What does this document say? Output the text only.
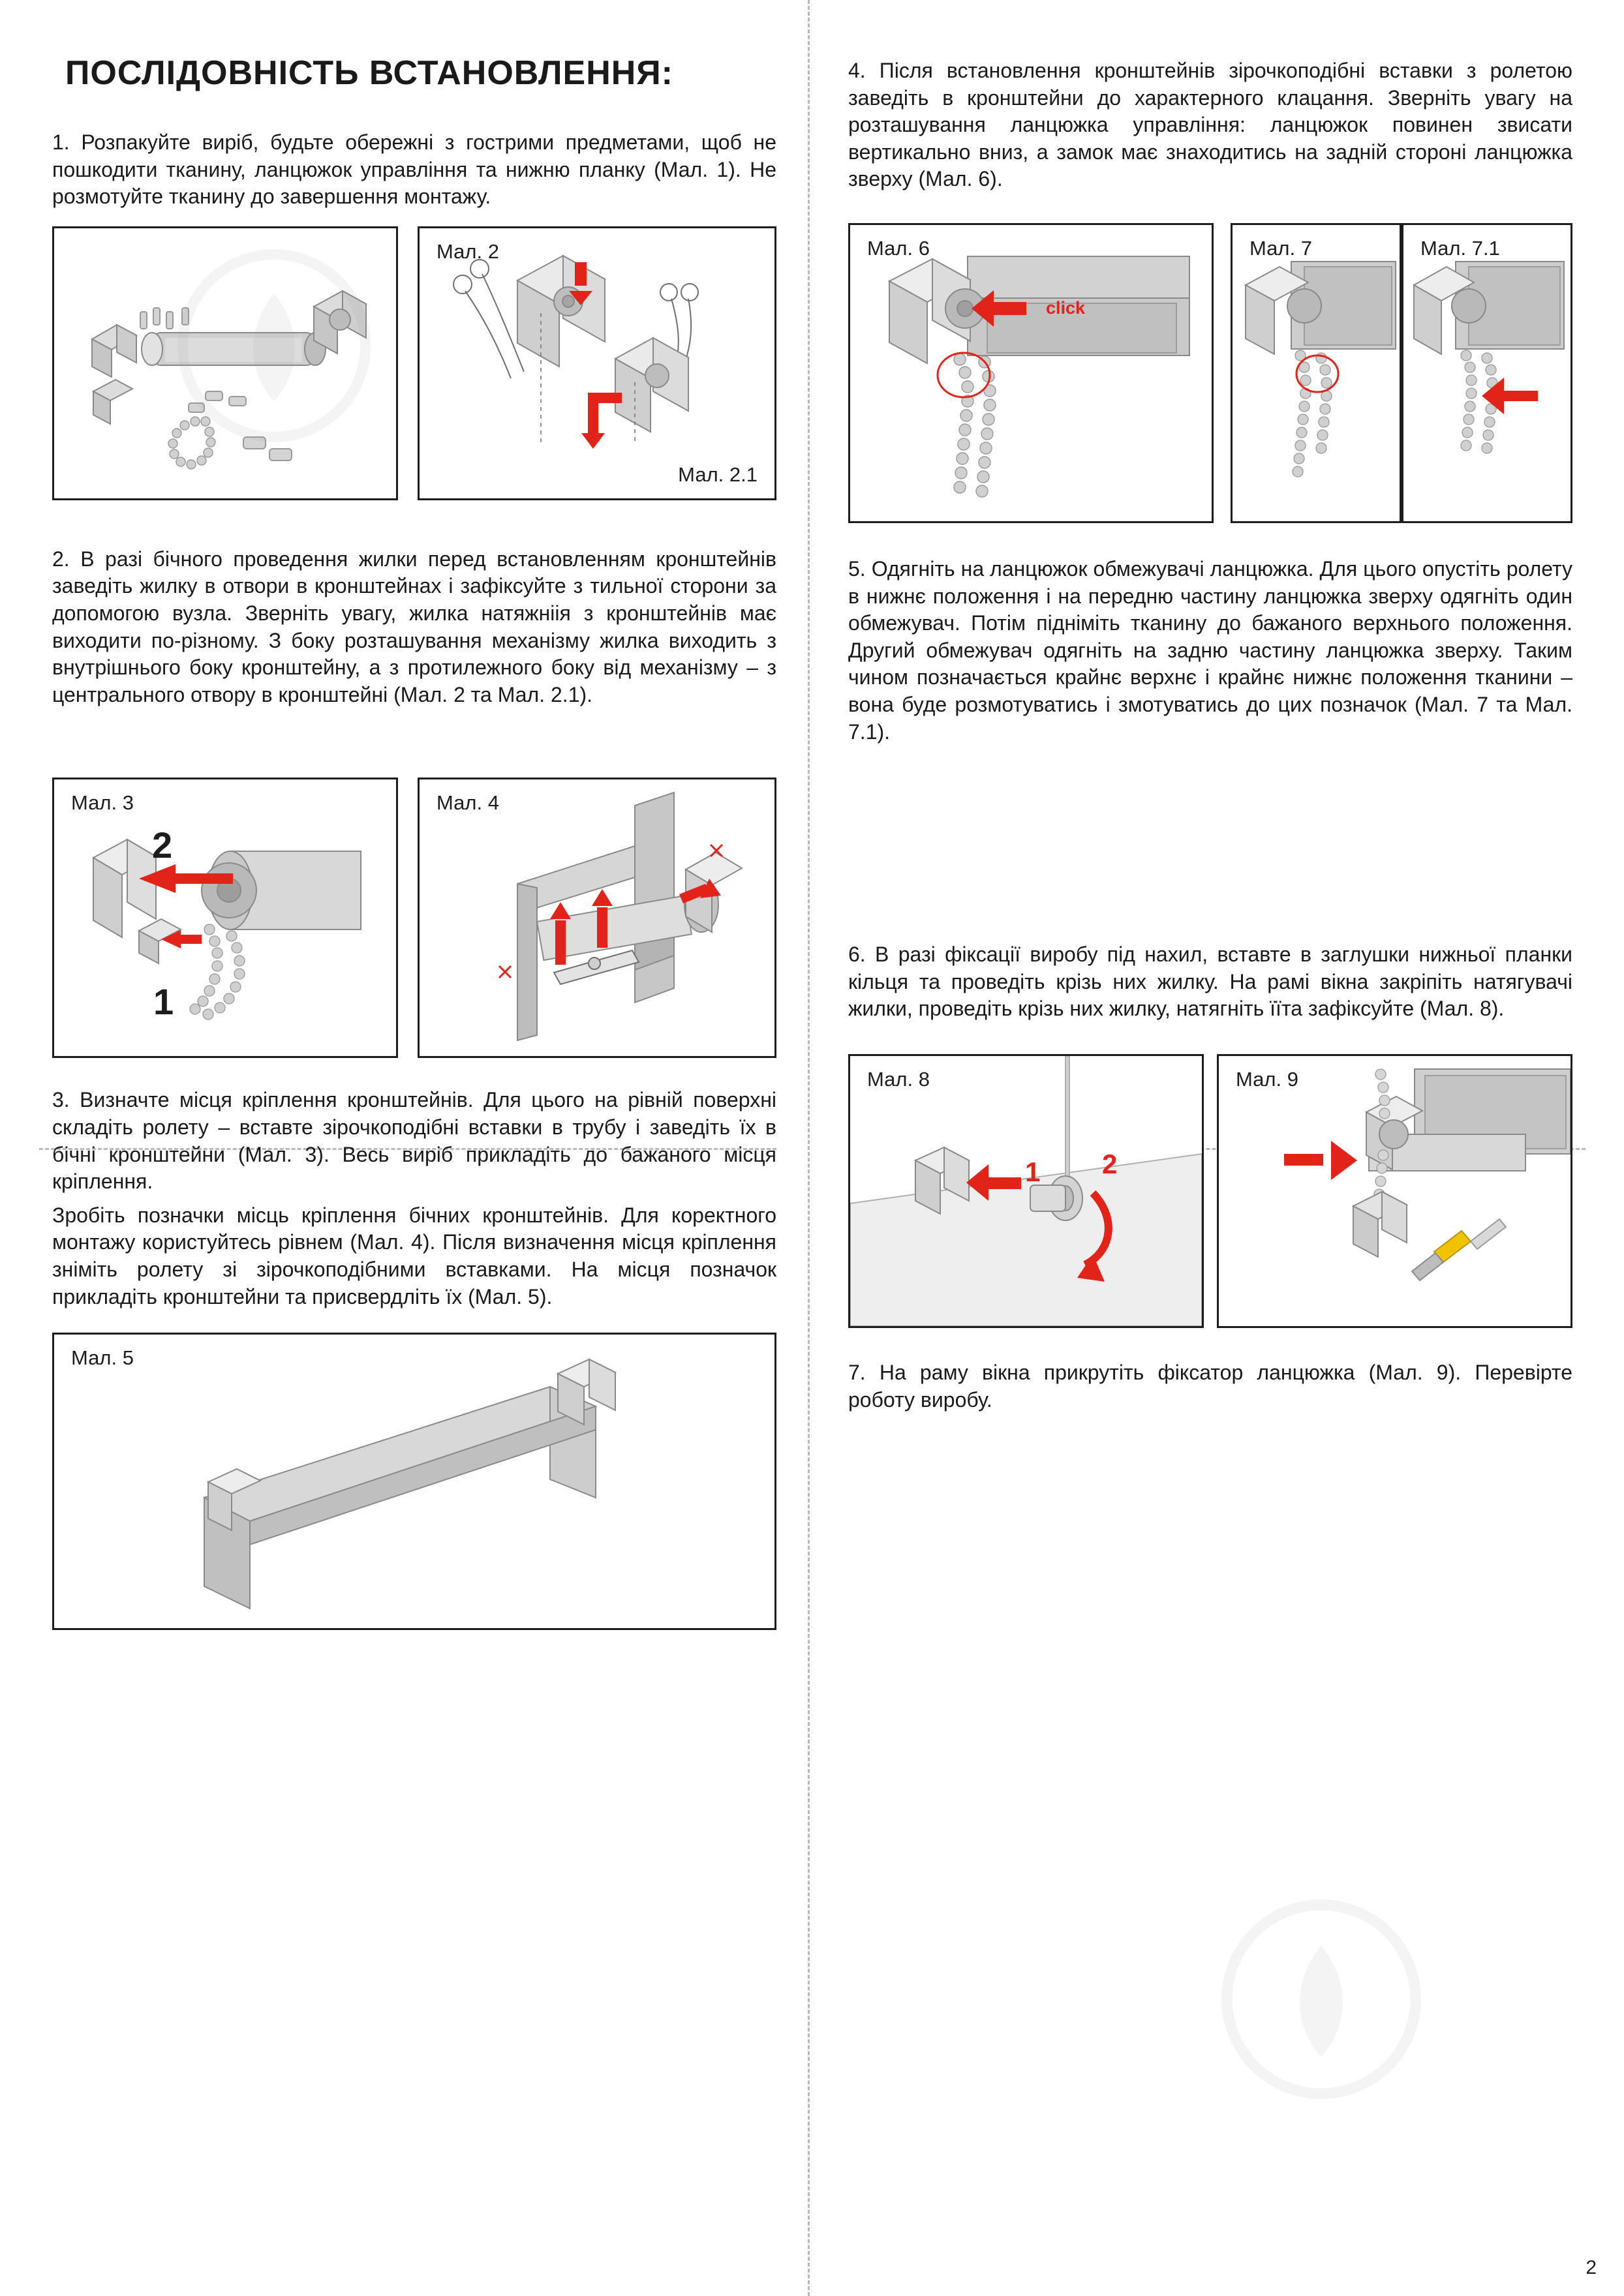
ПОСЛІДОВНІСТЬ ВСТАНОВЛЕННЯ:

1. Розпакуйте виріб, будьте обережні з гострими предметами, щоб не пошкодити тканину, ланцюжок управління та нижню планку (Мал. 1). Не розмотуйте тканину до завершення монтажу.

Мал. 2
Мал. 2.1

2. В разі бічного проведення жилки перед встановленням кронштейнів заведіть жилку в отвори в кронштейнах і зафіксуйте з тильної сторони за допомогою вузла. Зверніть увагу, жилка натяжніія з кронштейнів має виходити по-різному. З боку розташування механізму жилка виходить з внутрішнього боку кронштейну, а з протилежного боку від механізму – з центрального отвору в кронштейні (Мал. 2 та Мал. 2.1).

Мал. 3
2
1
Мал. 4

3. Визначте місця кріплення кронштейнів. Для цього на рівній поверхні складіть ролету – вставте зірочкоподібні вставки в трубу і заведіть їх в бічні кронштейни (Мал. 3). Весь виріб прикладіть до бажаного місця кріплення.

Зробіть позначки місць кріплення бічних кронштейнів. Для коректного монтажу користуйтесь рівнем (Мал. 4). Після визначення місця кріплення зніміть ролету зі зірочкоподібними вставками. На місця позначок прикладіть кронштейни та присвердліть їх (Мал. 5).

Мал. 5

4. Після встановлення кронштейнів зірочкоподібні вставки з ролетою заведіть в кронштейни до характерного клацання. Зверніть увагу на розташування ланцюжка управління: ланцюжок повинен звисати вертикально вниз, а замок має знаходитись на задній стороні ланцюжка зверху (Мал. 6).

Мал. 6
click
Мал. 7	Мал. 7.1

5. Одягніть на ланцюжок обмежувачі ланцюжка. Для цього опустіть ролету в нижнє положення і на передню частину ланцюжка зверху одягніть один обмежувач. Потім підніміть тканину до бажаного верхнього положення. Другий обмежувач одягніть на задню частину ланцюжка зверху. Таким чином позначається крайнє верхнє і крайнє нижнє положення тканини – вона буде розмотуватись і змотуватись до цих позначок (Мал. 7 та Мал. 7.1).

6. В разі фіксації виробу під нахил, вставте в заглушки нижньої планки кільця та проведіть крізь них жилку. На рамі вікна закріпіть натягувачі жилки, проведіть крізь них жилку, натягніть їїта зафіксуйте (Мал. 8).

Мал. 8
1 2
Мал. 9

7. На раму вікна прикрутіть фіксатор ланцюжка (Мал. 9). Перевірте роботу виробу.

2
